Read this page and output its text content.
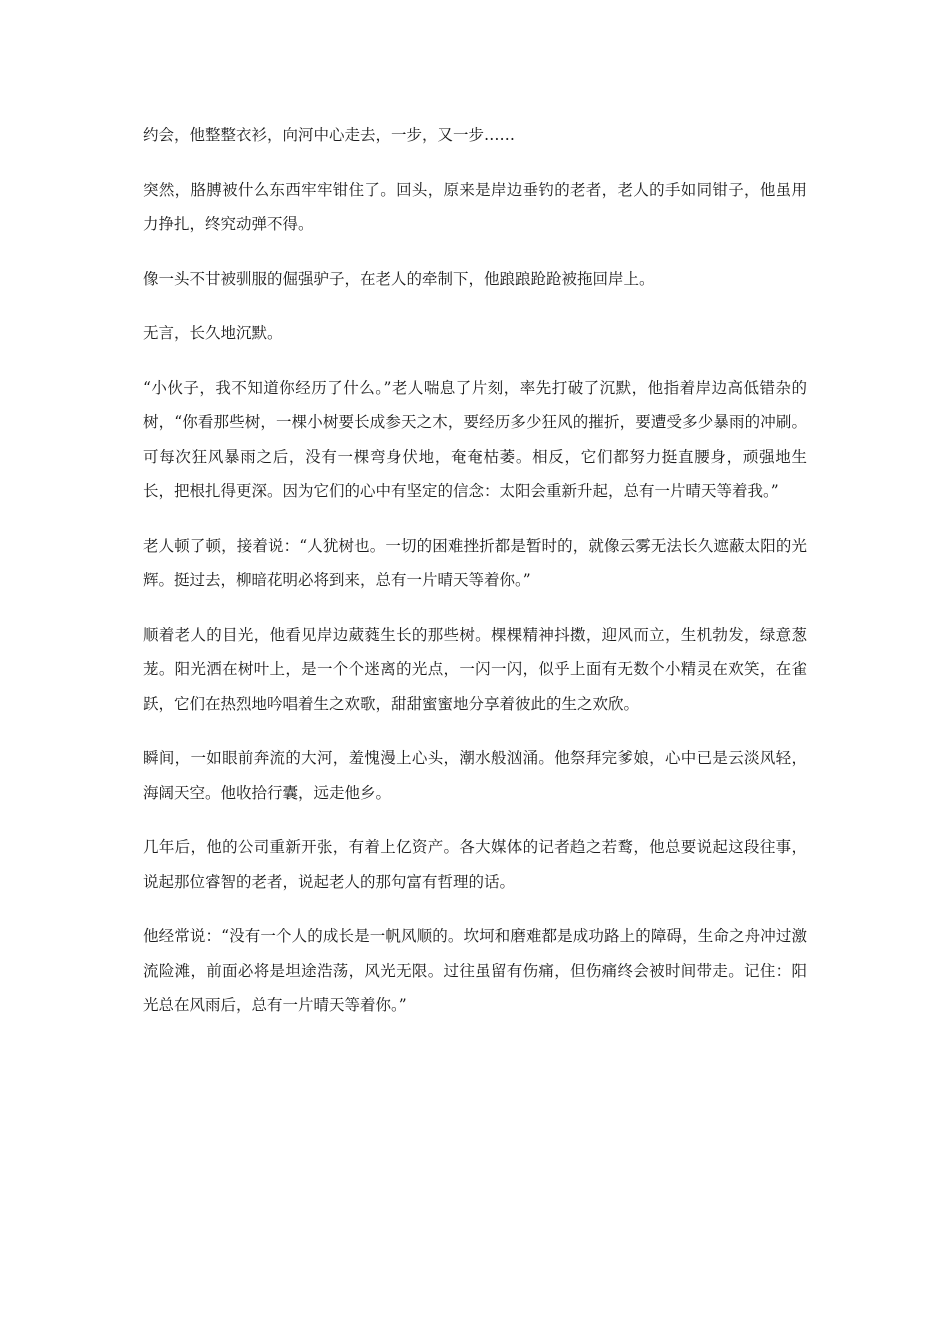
约会，他整整衣衫，向河中心走去，一步，又一步……

突然，胳膊被什么东西牢牢钳住了。回头，原来是岸边垂钓的老者，老人的手如同钳子，他虽用力挣扎，终究动弹不得。

像一头不甘被驯服的倔强驴子，在老人的牵制下，他踉踉跄跄被拖回岸上。

无言，长久地沉默。

“小伙子，我不知道你经历了什么。”老人喘息了片刻，率先打破了沉默，他指着岸边高低错杂的树，“你看那些树，一棵小树要长成参天之木，要经历多少狂风的摧折，要遭受多少暴雨的冲刷。可每次狂风暴雨之后，没有一棵弯身伏地，奄奄枯萎。相反，它们都努力挺直腰身，顽强地生长，把根扎得更深。因为它们的心中有坚定的信念：太阳会重新升起，总有一片晴天等着我。”

老人顿了顿，接着说：“人犹树也。一切的困难挫折都是暂时的，就像云雾无法长久遮蔽太阳的光辉。挺过去，柳暗花明必将到来，总有一片晴天等着你。”

顺着老人的目光，他看见岸边葳蕤生长的那些树。棵棵精神抖擞，迎风而立，生机勃发，绿意葱茏。阳光洒在树叶上，是一个个迷离的光点，一闪一闪，似乎上面有无数个小精灵在欢笑，在雀跃，它们在热烈地吟唱着生之欢歌，甜甜蜜蜜地分享着彼此的生之欢欣。

瞬间，一如眼前奔流的大河，羞愧漫上心头，潮水般汹涌。他祭拜完爹娘，心中已是云淡风轻，海阔天空。他收拾行囊，远走他乡。

几年后，他的公司重新开张，有着上亿资产。各大媒体的记者趋之若鹜，他总要说起这段往事，说起那位睿智的老者，说起老人的那句富有哲理的话。

他经常说：“没有一个人的成长是一帆风顺的。坎坷和磨难都是成功路上的障碍，生命之舟冲过激流险滩，前面必将是坦途浩荡，风光无限。过往虽留有伤痛，但伤痛终会被时间带走。记住：阳光总在风雨后，总有一片晴天等着你。”
